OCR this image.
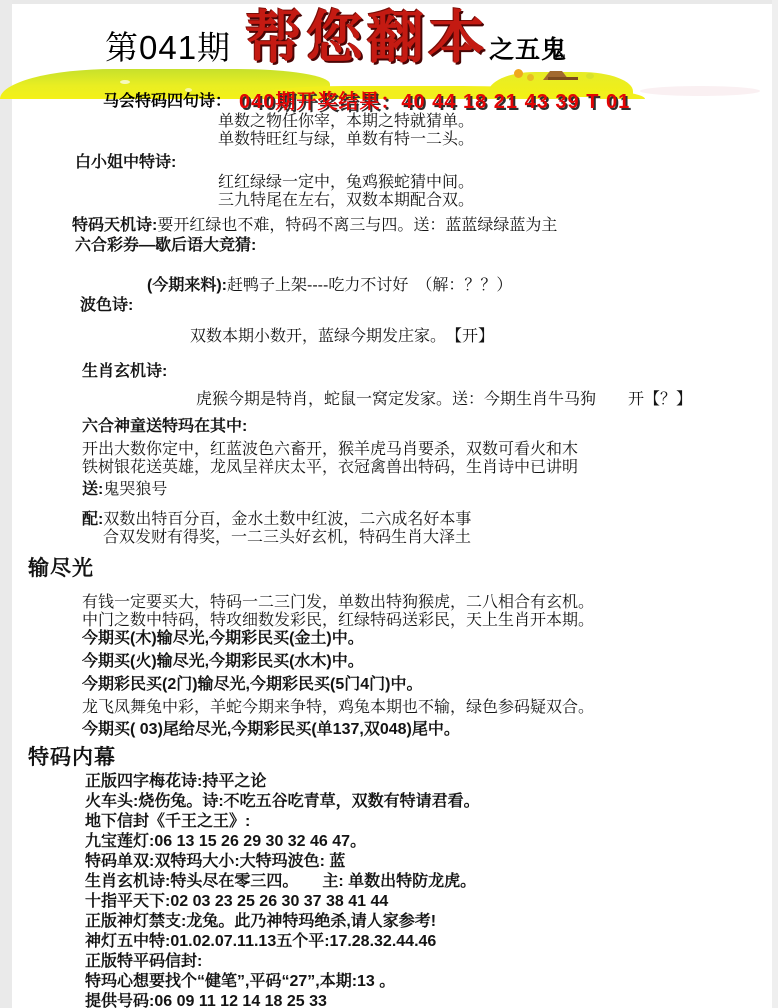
第041期 帮您翻本 之五鬼
马会特码四句诗： 040期开奖结果：40 44 18 21 43 39 T 01
单数之物任你宰，本期之特就猜单。
单数特旺红与绿，单数有特一二头。
白小姐中特诗:
红红绿绿一定中，兔鸡猴蛇猜中间。
三九特尾在左右，双数本期配合双。
特码天机诗:要开红绿也不难，特码不离三与四。送：蓝蓝绿绿蓝为主
六合彩券—歇后语大竞猜:
(今期来料):赶鸭子上架----吃力不讨好　（解：？？）
波色诗:
双数本期小数开，蓝绿今期发庄家。　【开】
生肖玄机诗:
虎猴今期是特肖，蛇鼠一窝定发家。送：今期生肖牛马狗　　开【？】
六合神童送特玛在其中:
开出大数你定中，红蓝波色六畜开，猴羊虎马肖要杀，双数可看火和木
铁树银花送英雄，龙凤呈祥庆太平，衣冠禽兽出特码，生肖诗中已讲明
送:鬼哭狼号
配:双数出特百分百，金水土数中红波，二六成名好本事
合双发财有得奖，一二三头好玄机，特码生肖大泽土
输尽光
有钱一定要买大，特码一二三门发，单数出特狗猴虎，二八相合有玄机。
中门之数中特码，特攻细数发彩民，红绿特码送彩民，天上生肖开本期。
今期买(木)输尽光,今期彩民买(金土)中。
今期买(火)输尽光,今期彩民买(水木)中。
今期彩民买(2门)输尽光,今期彩民买(5门4门)中。
龙飞凤舞兔中彩，羊蛇今期来争特，鸡兔本期也不输，绿色参码疑双合。
今期买( 03)尾给尽光,今期彩民买(单137,双048)尾中。
特码内幕
正版四字梅花诗:持平之论
火车头:烧伤兔。诗:不吃五谷吃青草，双数有特请君看。
地下信封《千王之王》:
九宝莲灯:06 13 15 26 29 30 32 46 47。
特码单双:双特玛大小:大特玛波色: 蓝
生肖玄机诗:特头尽在零三四。　　主: 单数出特防龙虎。
十指平天下:02 03 23 25 26 30 37 38 41 44
正版神灯禁支:龙兔。此乃神特玛绝杀,请人家参考!
神灯五中特:01.02.07.11.13五个平:17.28.32.44.46
正版特平码信封:
特玛心想要找个“健笔”,平码“27”,本期:13 。
提供号码:06 09 11 12 14 18 25 33
